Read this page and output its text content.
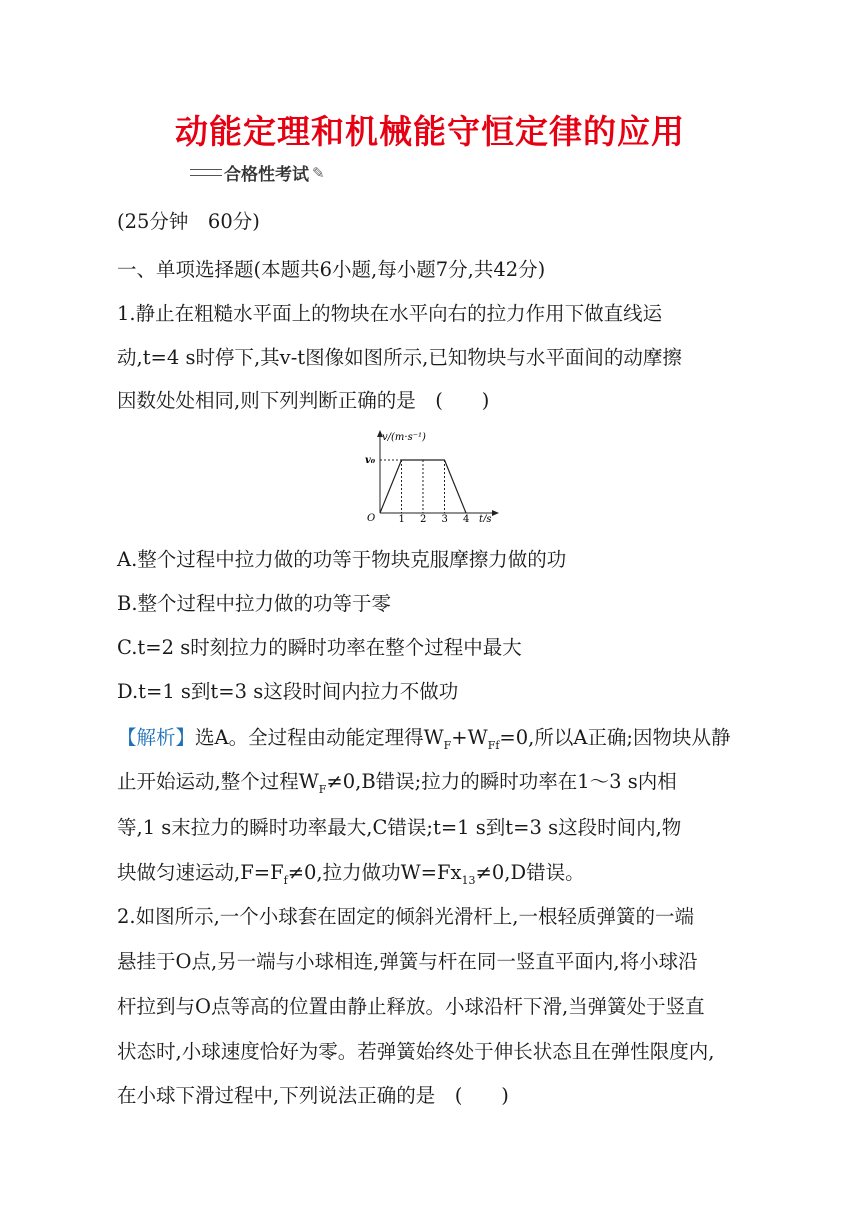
动能定理和机械能守恒定律的应用
合格性考试 ✎
(25分钟　60分)
一、单项选择题(本题共6小题,每小题7分,共42分)
1.静止在粗糙水平面上的物块在水平向右的拉力作用下做直线运
动,t=4 s时停下,其v-t图像如图所示,已知物块与水平面间的动摩擦
因数处处相同,则下列判断正确的是　(　　)
v/(m·s⁻¹)
t/s
O
v₀
1 2 3 4
A.整个过程中拉力做的功等于物块克服摩擦力做的功
B.整个过程中拉力做的功等于零
C.t=2 s时刻拉力的瞬时功率在整个过程中最大
D.t=1 s到t=3 s这段时间内拉力不做功
【解析】选A。全过程由动能定理得$W_F+W_{Ff}=0$,所以A正确;因物块从静
止开始运动,整个过程$W_F\ne 0,B$错误;拉力的瞬时功率在1～3 s内相
等,1 s末拉力的瞬时功率最大,C错误;t=1 s到t=3 s这段时间内,物
块做匀速运动$,F=F_f\ne 0$,拉力做功$W=Fx_{13}\ne 0,D$错误。
2.如图所示,一个小球套在固定的倾斜光滑杆上,一根轻质弹簧的一端
悬挂于O点,另一端与小球相连,弹簧与杆在同一竖直平面内,将小球沿
杆拉到与O点等高的位置由静止释放。小球沿杆下滑,当弹簧处于竖直
状态时,小球速度恰好为零。若弹簧始终处于伸长状态且在弹性限度内,
在小球下滑过程中,下列说法正确的是　(　　)
